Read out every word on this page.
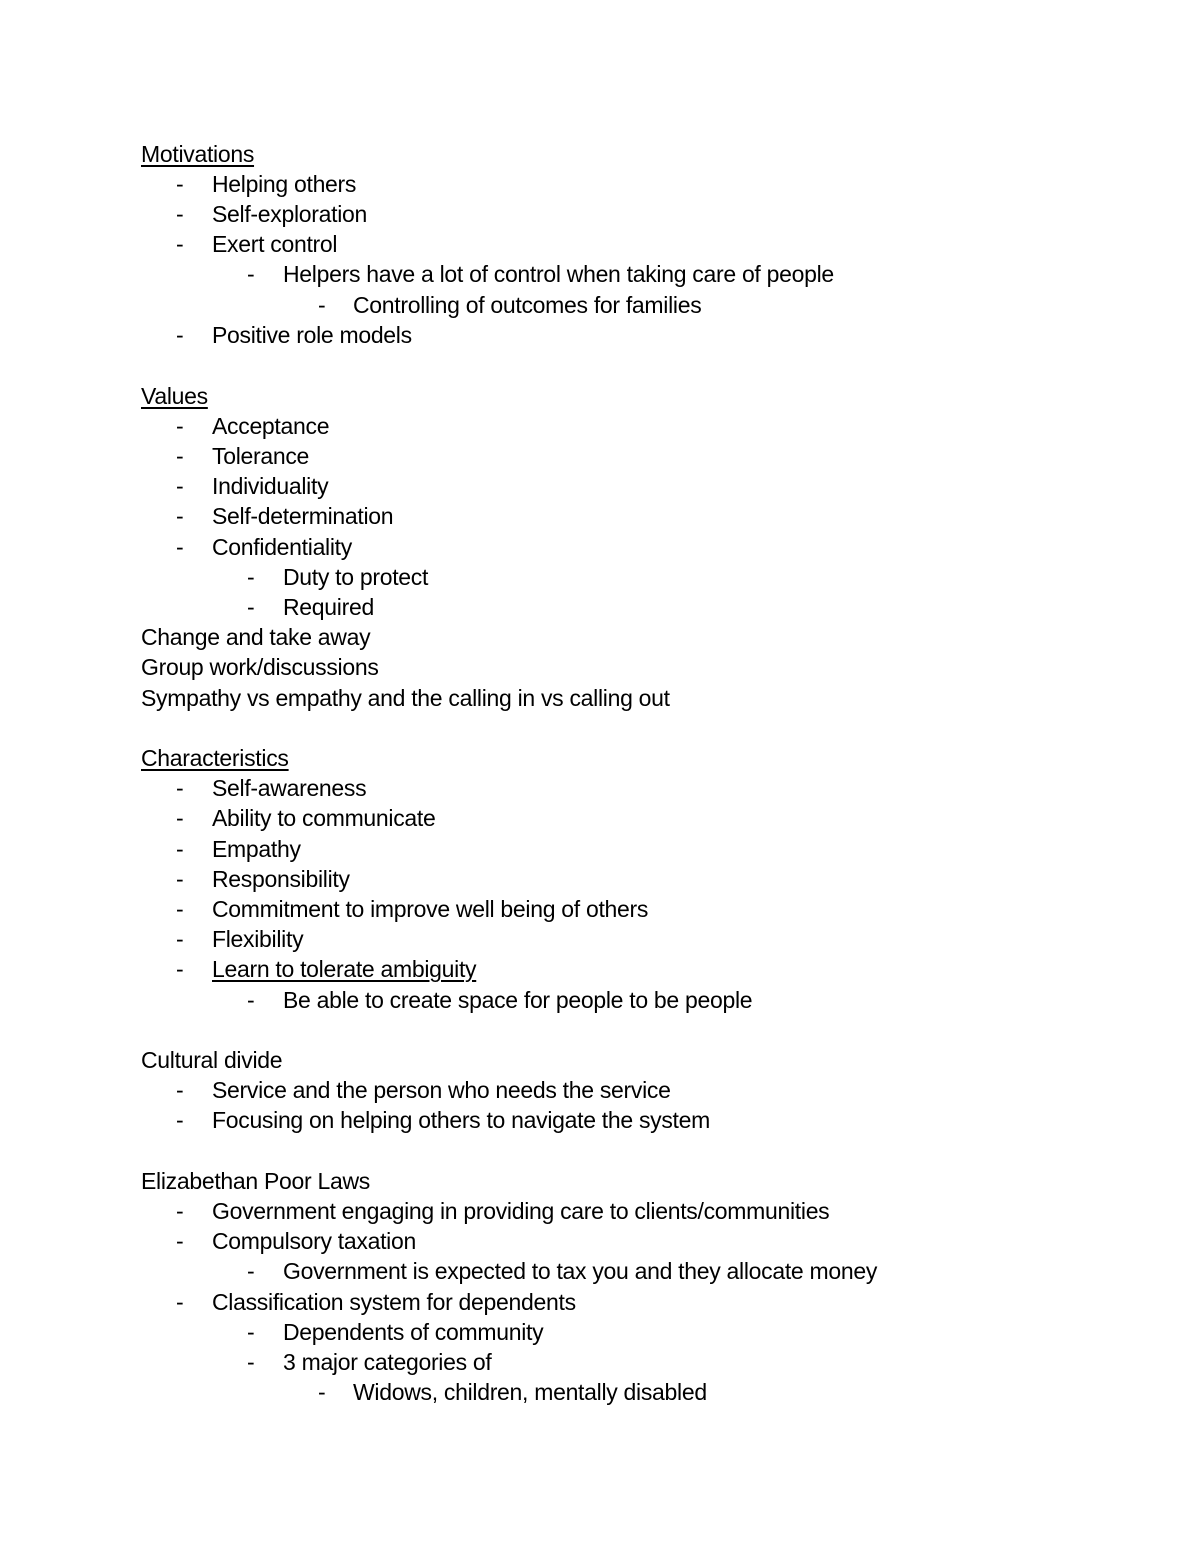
Motivations
- Helping others
- Self-exploration
- Exert control
- Helpers have a lot of control when taking care of people
- Controlling of outcomes for families
- Positive role models
Values
- Acceptance
- Tolerance
- Individuality
- Self-determination
- Confidentiality
- Duty to protect
- Required
Change and take away
Group work/discussions
Sympathy vs empathy and the calling in vs calling out
Characteristics
- Self-awareness
- Ability to communicate
- Empathy
- Responsibility
- Commitment to improve well being of others
- Flexibility
- Learn to tolerate ambiguity
- Be able to create space for people to be people
Cultural divide
- Service and the person who needs the service
- Focusing on helping others to navigate the system
Elizabethan Poor Laws
- Government engaging in providing care to clients/communities
- Compulsory taxation
- Government is expected to tax you and they allocate money
- Classification system for dependents
- Dependents of community
- 3 major categories of
- Widows, children, mentally disabled
